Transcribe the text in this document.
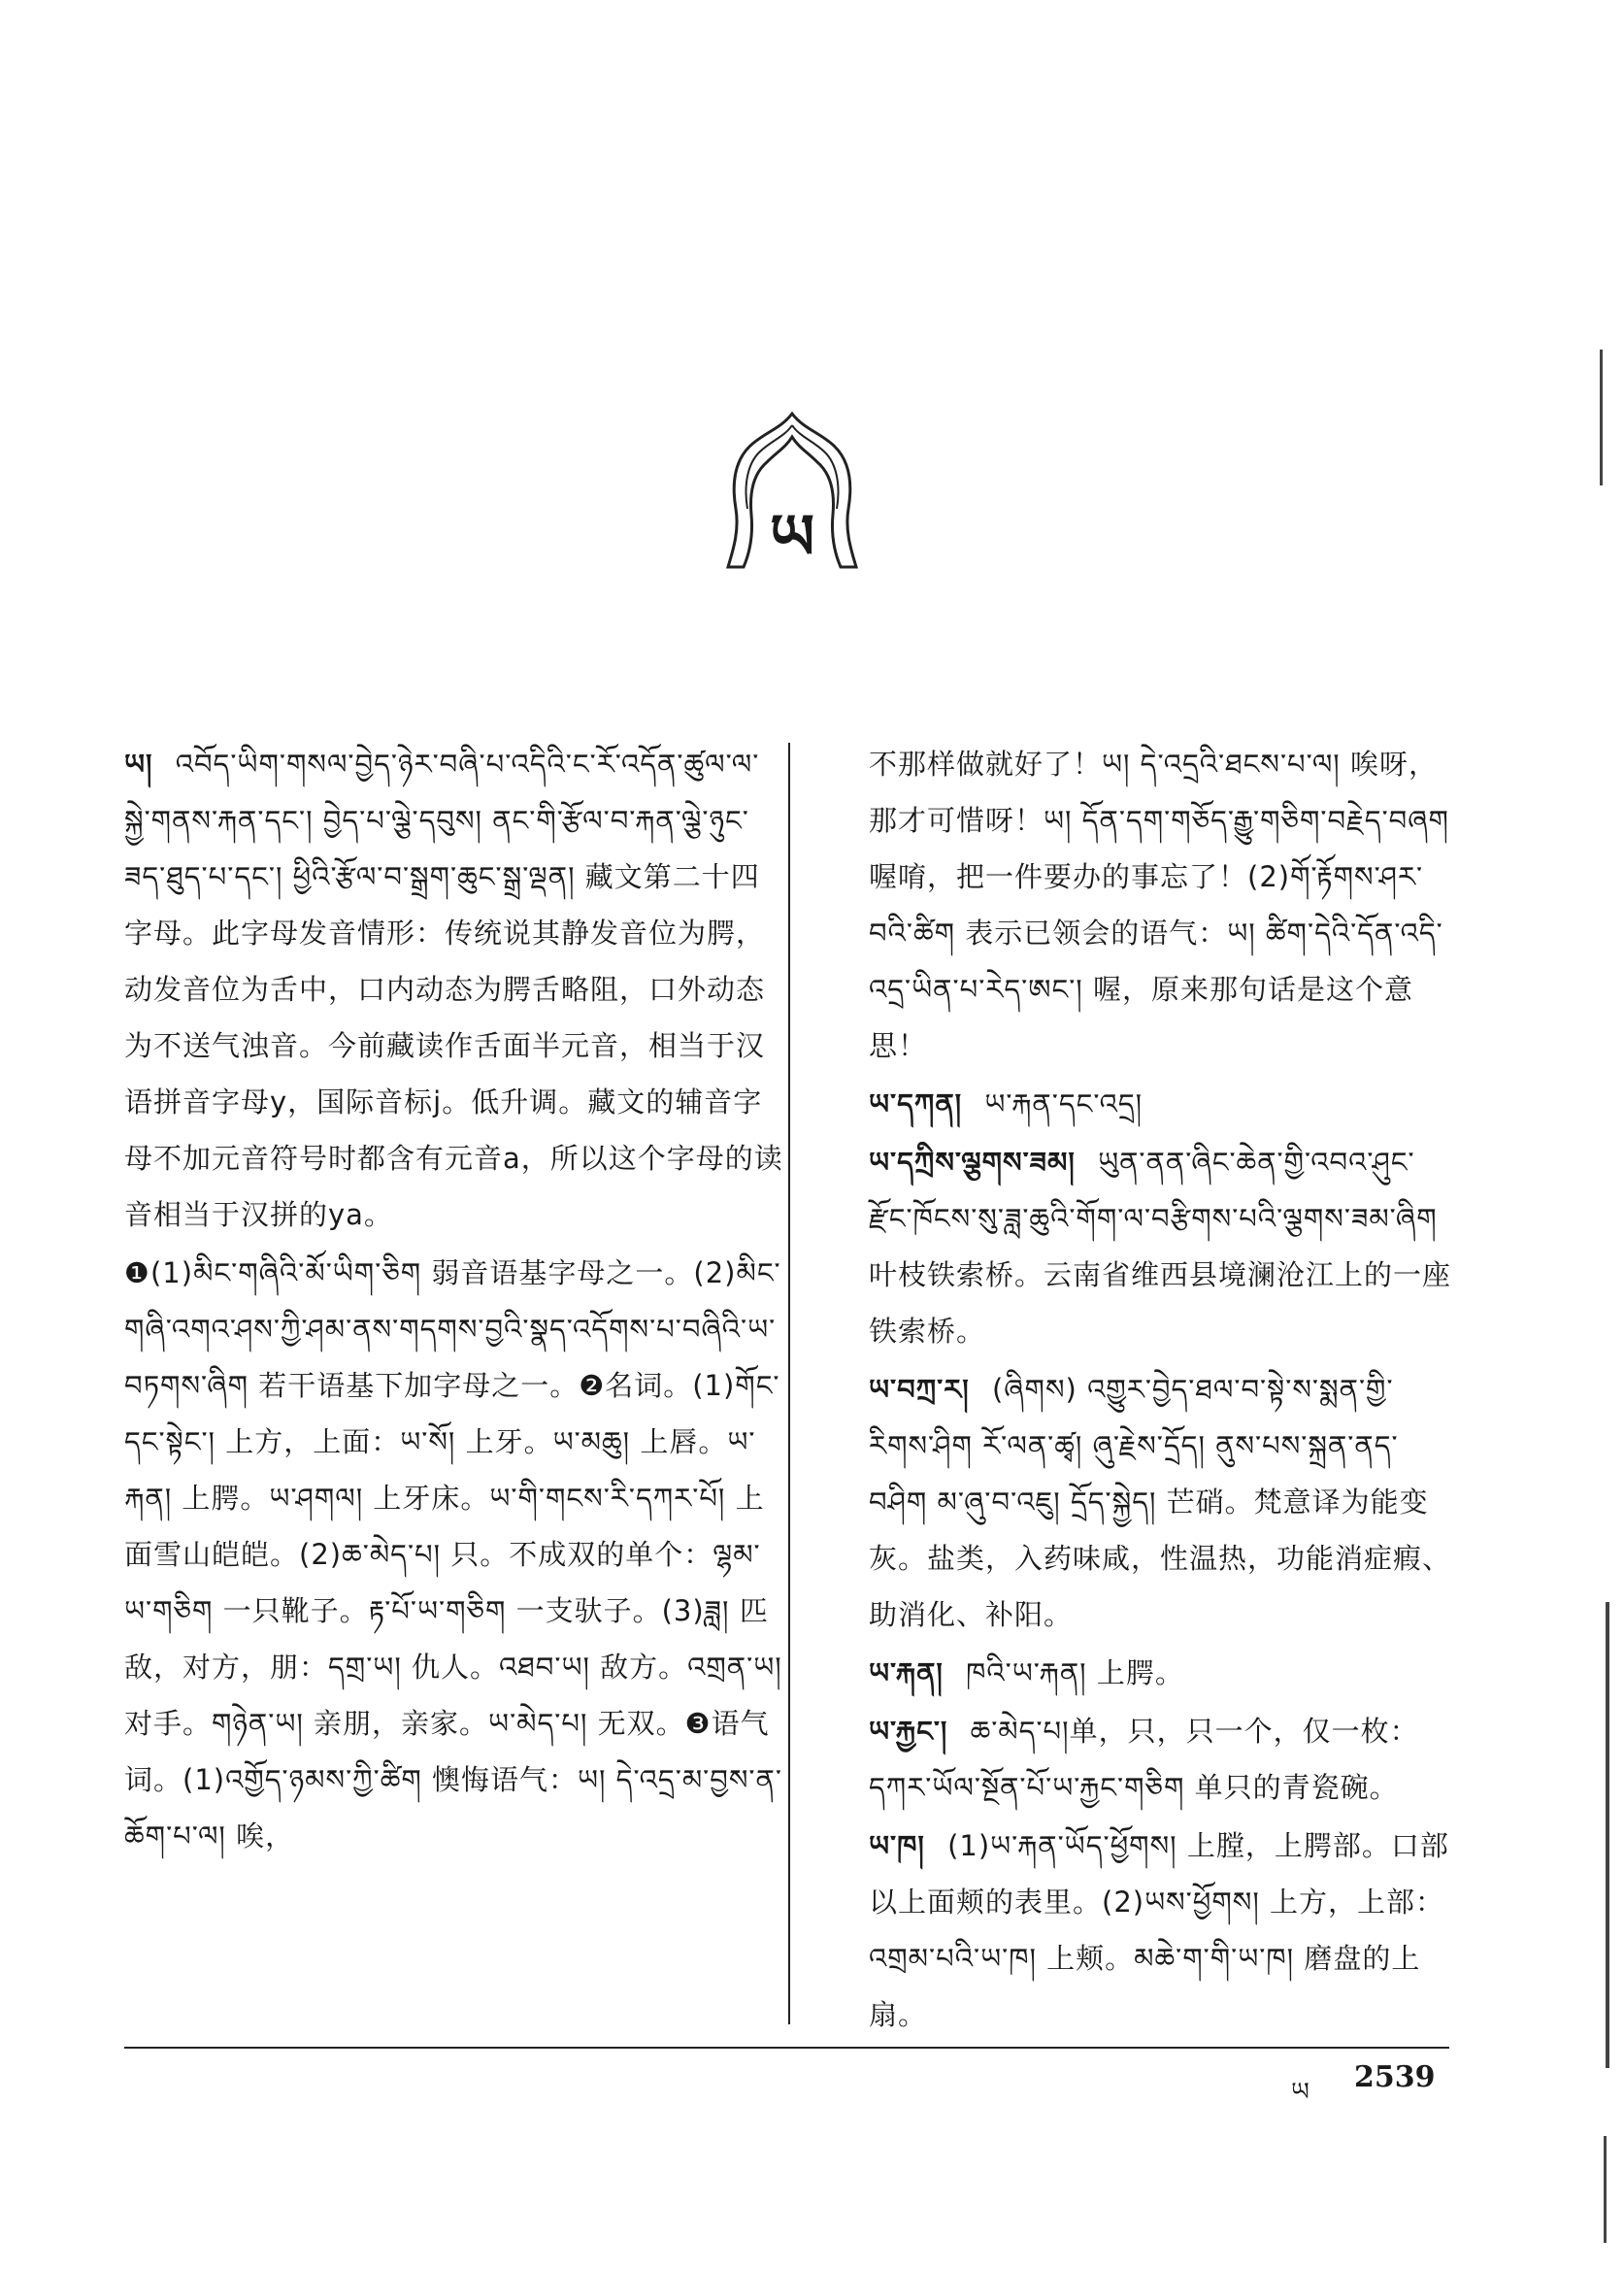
ཡ
ཡ། འབོད་ཡིག་གསལ་བྱེད་ཉེར་བཞི་པ་འདིའི་ང་རོ་འདོན་ཚུལ་ལ་སྐྱེ་གནས་རྐན་དང་། བྱེད་པ་ལྕེ་དབུས། ནང་གི་རྩོལ་བ་རྐན་ལྕེ་ཉུང་ཟད་ཐུད་པ་དང་། ཕྱིའི་རྩོལ་བ་སྒྲག་ཆུང་སྒྲ་ལྡན། 藏文第二十四字母。此字母发音情形：传统说其静发音位为腭，动发音位为舌中，口内动态为腭舌略阻，口外动态为不送气浊音。今前藏读作舌面半元音，相当于汉语拼音字母y，国际音标j。低升调。藏文的辅音字母不加元音符号时都含有元音a，所以这个字母的读音相当于汉拼的ya。
❶(1)མིང་གཞིའི་མོ་ཡིག་ཅིག 弱音语基字母之一。(2)མིང་གཞི་འགའ་ཤས་ཀྱི་ཤམ་ནས་གདགས་བྱའི་སྣད་འདོགས་པ་བཞིའི་ཡ་བཏགས་ཞིག 若干语基下加字母之一。❷名词。(1)གོང་དང་སྟེང་། 上方，上面：ཡ་སོ། 上牙。ཡ་མཆུ། 上唇。ཡ་རྐན། 上腭。ཡ་ཤགལ། 上牙床。ཡ་གི་གངས་རི་དཀར་པོ། 上面雪山皑皑。(2)ཆ་མེད་པ། 只。不成双的单个：ལྷམ་ཡ་གཅིག 一只靴子。རྟ་པོ་ཡ་གཅིག 一支驮子。(3)ཟླ། 匹敌，对方，朋：དགྲ་ཡ། 仇人。འཐབ་ཡ། 敌方。འགྲན་ཡ། 对手。གཉེན་ཡ། 亲朋，亲家。ཡ་མེད་པ། 无双。❸语气词。(1)འགྱོད་ཉམས་ཀྱི་ཚིག 懊悔语气：ཡ། དེ་འདྲ་མ་བྱས་ན་ཆོག་པ་ལ། 唉，
不那样做就好了！ཡ། དེ་འདྲའི་ཐངས་པ་ལ། 唉呀，那才可惜呀！ཡ། དོན་དག་གཅོད་རྒྱུ་གཅིག་བརྗེད་བཞག 喔唷，把一件要办的事忘了！(2)གོ་རྟོགས་ཤར་བའི་ཚིག 表示已领会的语气：ཡ། ཚིག་དེའི་དོན་འདི་འདྲ་ཡིན་པ་རེད་ཨང་། 喔，原来那句话是这个意思！
ཡ་དཀན། ཡ་རྐན་དང་འདྲ།
ཡ་དཀྲིས་ལྕགས་ཟམ། ཡུན་ནན་ཞིང་ཆེན་གྱི་འབའ་ཤུང་རྫོང་ཁོངས་སུ་ཟླ་ཆུའི་གོག་ལ་བརྩིགས་པའི་ལྕགས་ཟམ་ཞིག 叶枝铁索桥。云南省维西县境澜沧江上的一座铁索桥。
ཡ་བཀྲ་ར། (ཞིགས) འགྱུར་བྱེད་ཐལ་བ་སྟེ་ས་སྨན་གྱི་རིགས་ཤིག རོ་ལན་ཚྭ། ཞུ་རྗེས་དྲོད། ནུས་པས་སྐྲན་ནད་བཤིག མ་ཞུ་བ་འཇུ། དྲོད་སྐྱེད། 芒硝。梵意译为能变灰。盐类，入药味咸，性温热，功能消症瘕、助消化、补阳。
ཡ་རྐན། ཁའི་ཡ་རྐན། 上腭。
ཡ་རྐྱང་། ཆ་མེད་པ།单，只，只一个，仅一枚：དཀར་ཡོལ་སྔོན་པོ་ཡ་རྐྱང་གཅིག 单只的青瓷碗。
ཡ་ཁ། (1)ཡ་རྐན་ཡོད་ཕྱོགས། 上膛，上腭部。口部以上面颊的表里。(2)ཡས་ཕྱོགས། 上方，上部：འགྲམ་པའི་ཡ་ཁ། 上颊。མཆེ་ག་གི་ཡ་ཁ། 磨盘的上扇。
ཡ 2539
